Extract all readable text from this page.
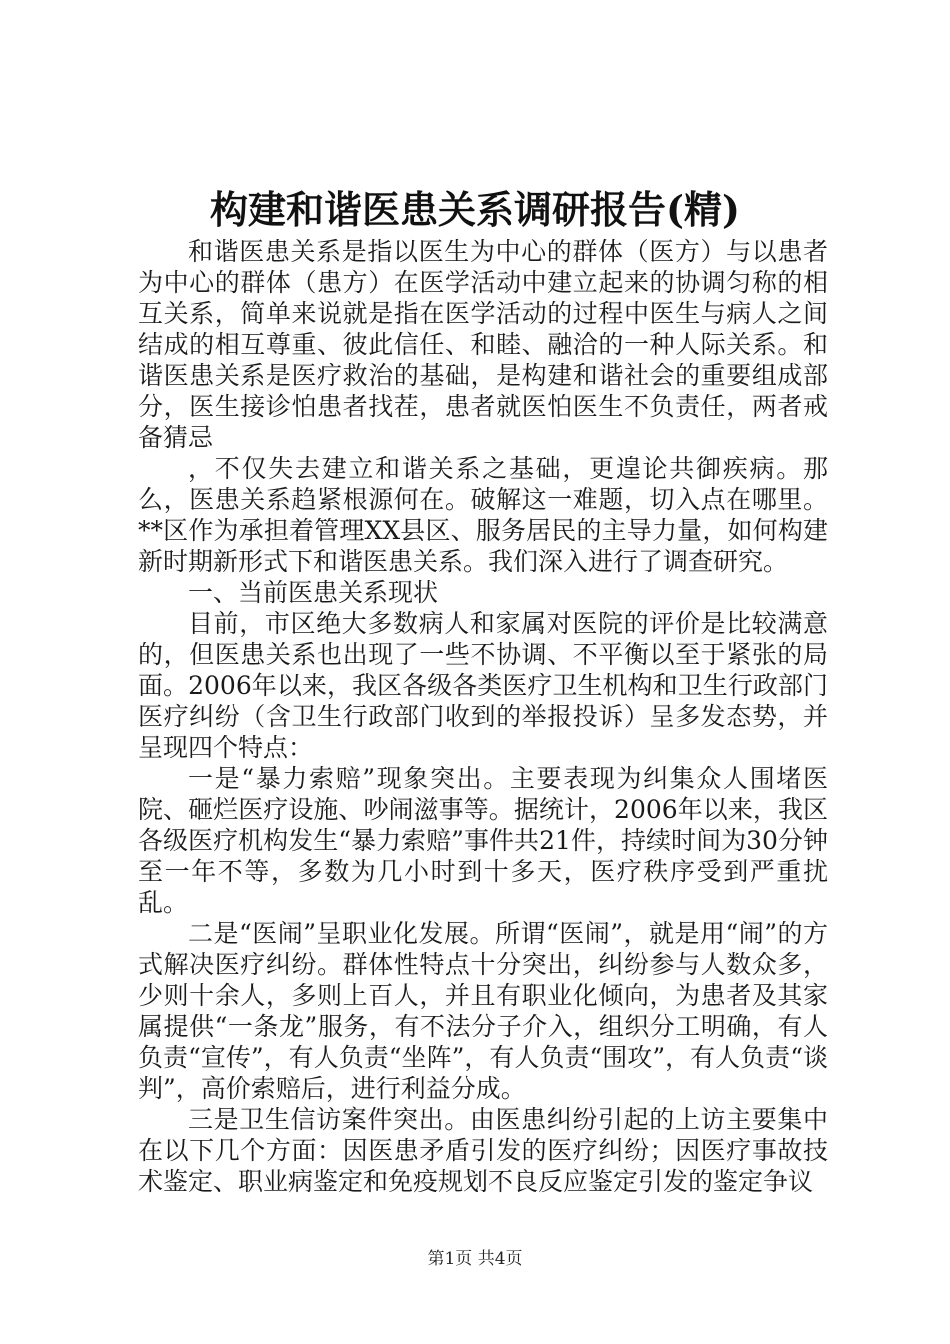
构建和谐医患关系调研报告(精)

和谐医患关系是指以医生为中心的群体（医方）与以患者为中心的群体（患方）在医学活动中建立起来的协调匀称的相互关系，简单来说就是指在医学活动的过程中医生与病人之间结成的相互尊重、彼此信任、和睦、融洽的一种人际关系。和谐医患关系是医疗救治的基础，是构建和谐社会的重要组成部分，医生接诊怕患者找茬，患者就医怕医生不负责任，两者戒备猜忌

，不仅失去建立和谐关系之基础，更遑论共御疾病。那么，医患关系趋紧根源何在。破解这一难题，切入点在哪里。**区作为承担着管理XX县区、服务居民的主导力量，如何构建新时期新形式下和谐医患关系。我们深入进行了调查研究。

一、当前医患关系现状

目前，市区绝大多数病人和家属对医院的评价是比较满意的，但医患关系也出现了一些不协调、不平衡以至于紧张的局面。2006年以来，我区各级各类医疗卫生机构和卫生行政部门医疗纠纷（含卫生行政部门收到的举报投诉）呈多发态势，并呈现四个特点：

一是“暴力索赔”现象突出。主要表现为纠集众人围堵医院、砸烂医疗设施、吵闹滋事等。据统计，2006年以来，我区各级医疗机构发生“暴力索赔”事件共21件，持续时间为30分钟至一年不等，多数为几小时到十多天，医疗秩序受到严重扰乱。

二是“医闹”呈职业化发展。所谓“医闹”，就是用“闹”的方式解决医疗纠纷。群体性特点十分突出，纠纷参与人数众多，少则十余人，多则上百人，并且有职业化倾向，为患者及其家属提供“一条龙”服务，有不法分子介入，组织分工明确，有人负责“宣传”，有人负责“坐阵”，有人负责“围攻”，有人负责“谈判”，高价索赔后，进行利益分成。

三是卫生信访案件突出。由医患纠纷引起的上访主要集中在以下几个方面：因医患矛盾引发的医疗纠纷；因医疗事故技术鉴定、职业病鉴定和免疫规划不良反应鉴定引发的鉴定争议

第1页 共4页
